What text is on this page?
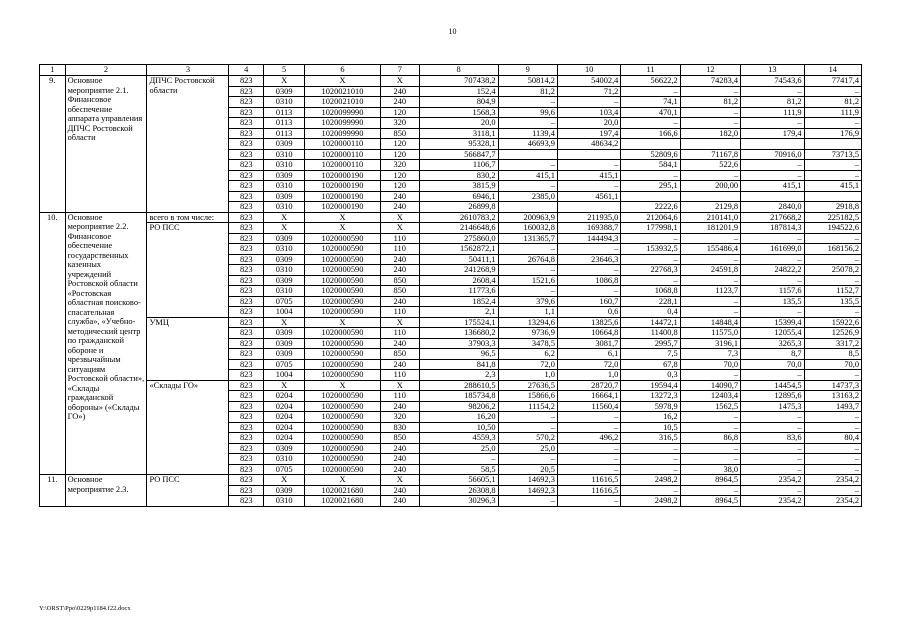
10
1	2	3	4	5	6	7	8	9	10	11	12	13	14
9.	Основное мероприятие 2.1. Финансовое обеспечение аппарата управления ДПЧС Ростовской области	ДПЧС Ростовской области	823	X	X	X	707438,2	50814,2	54002,4	56622,2	74283,4	74543,6	77417,4
			823	0309	1020021010	240	152,4	81,2	71,2	–	–	–	–
			823	0310	1020021010	240	804,9	–	–	74,1	81,2	81,2	81,2
			823	0113	1020099990	120	1568,3	99,6	103,4	470,1	–	111,9	111,9
			823	0113	1020099990	320	20,0	–	20,0	–	–	–	–
			823	0113	1020099990	850	3118,1	1139,4	197,4	166,6	182,0	179,4	176,9
			823	0309	1020000110	120	95328,1	46693,9	48634,2				
			823	0310	1020000110	120	566847,7			52809,6	71167,8	70916,0	73713,5
			823	0310	1020000110	320	1106,7	–	–	584,1	522,6	–	–
			823	0309	1020000190	120	830,2	415,1	415,1	–	–	–	–
			823	0310	1020000190	120	3815,9	–	–	295,1	200,00	415,1	415,1
			823	0309	1020000190	240	6946,1	2385,0	4561,1				
			823	0310	1020000190	240	26899,8			2222,6	2129,8	2840,0	2918,8
10.	Основное мероприятие 2.2. Финансовое обеспечение государственных казенных учреждений Ростовской области «Ростовская областная поисково-спасательная служба», «Учебно-методический центр по гражданской обороне и чрезвычайным ситуациям Ростовской области», «Склады гражданской обороны» («Склады ГО»)	всего в том числе:	823	X	X	X	2610783,2	200963,9	211935,0	212064,6	210141,0	217668,2	225182,5
		РО ПСС	823	X	X	X	2146648,6	160032,8	169388,7	177998,1	181201,9	187814,3	194522,6
			823	0309	1020000590	110	275860,0	131365,7	144494,3	–	–	–	–
			823	0310	1020000590	110	1562872,1	–	–	153932,5	155486,4	161699,0	168156,2
			823	0309	1020000590	240	50411,1	26764,8	23646,3	–	–	–	–
			823	0310	1020000590	240	241268,9	–	–	22768,3	24591,8	24822,2	25078,2
			823	0309	1020000590	850	2608,4	1521,6	1086,8	–	–	–	–
			823	0310	1020000590	850	11773,6	–	–	1068,8	1123,7	1157,6	1152,7
			823	0705	1020000590	240	1852,4	379,6	160,7	228,1	–	135,5	135,5
			823	1004	1020000590	110	2,1	1,1	0,6	0,4	–	–	–
		УМЦ	823	X	X	X	175524,1	13294,6	13825,6	14472,1	14848,4	15399,4	15922,6
			823	0309	1020000590	110	136680,2	9736,9	10664,8	11400,8	11575,0	12055,4	12526,9
			823	0309	1020000590	240	37903,3	3478,5	3081,7	2995,7	3196,1	3265,3	3317,2
			823	0309	1020000590	850	96,5	6,2	6,1	7,5	7,3	8,7	8,5
			823	0705	1020000590	240	841,8	72,0	72,0	67,8	70,0	70,0	70,0
			823	1004	1020000590	110	2,3	1,0	1,0	0,3	–	–	–
		«Склады ГО»	823	X	X	X	288610,5	27636,5	28720,7	19594,4	14090,7	14454,5	14737,3
			823	0204	1020000590	110	185734,8	15866,6	16664,1	13272,3	12403,4	12895,6	13163,2
			823	0204	1020000590	240	98206,2	11154,2	11560,4	5978,9	1562,5	1475,3	1493,7
			823	0204	1020000590	320	16,20	–	–	16,2	–	–	–
			823	0204	1020000590	830	10,50	–	–	10,5	–	–	–
			823	0204	1020000590	850	4559,3	570,2	496,2	316,5	86,8	83,6	80,4
			823	0309	1020000590	240	25,0	25,0	–	–	–	–	–
			823	0310	1020000590	240	–	–	–	–	–	–	–
			823	0705	1020000590	240	58,5	20,5	–	–	38,0	–	–
11.	Основное мероприятие 2.3.	РО ПСС	823	X	X	X	56605,1	14692,3	11616,5	2498,2	8964,5	2354,2	2354,2
			823	0309	1020021680	240	26308,8	14692,3	11616,5	–	–	–	–
			823	0310	1020021680	240	30296,3	–	–	2498,2	8964,5	2354,2	2354,2
Y:\ORST\Ppo\0229p1184.f22.docx
